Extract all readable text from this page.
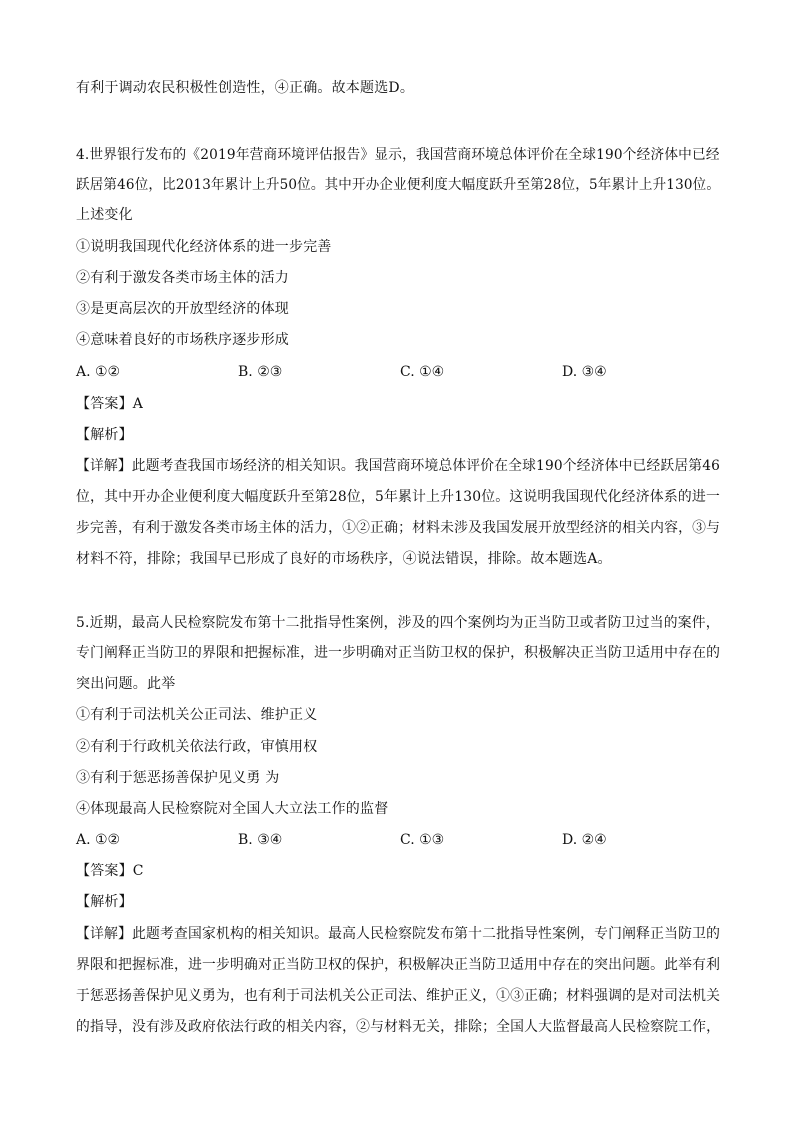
有利于调动农民积极性创造性，④正确。故本题选D。
4.世界银行发布的《2019年营商环境评估报告》显示，我国营商环境总体评价在全球190个经济体中已经
跃居第46位，比2013年累计上升50位。其中开办企业便利度大幅度跃升至第28位，5年累计上升130位。
上述变化
①说明我国现代化经济体系的进一步完善
②有利于激发各类市场主体的活力
③是更高层次的开放型经济的体现
④意味着良好的市场秩序逐步形成
A. ①②	B. ②③	C. ①④	D. ③④
【答案】A
【解析】
【详解】此题考查我国市场经济的相关知识。我国营商环境总体评价在全球190个经济体中已经跃居第46
位，其中开办企业便利度大幅度跃升至第28位，5年累计上升130位。这说明我国现代化经济体系的进一
步完善，有利于激发各类市场主体的活力，①②正确；材料未涉及我国发展开放型经济的相关内容，③与
材料不符，排除；我国早已形成了良好的市场秩序，④说法错误，排除。故本题选A。
5.近期，最高人民检察院发布第十二批指导性案例，涉及的四个案例均为正当防卫或者防卫过当的案件，
专门阐释正当防卫的界限和把握标准，进一步明确对正当防卫权的保护，积极解决正当防卫适用中存在的
突出问题。此举
①有利于司法机关公正司法、维护正义
②有利于行政机关依法行政，审慎用权
③有利于惩恶扬善保护见义勇 为
④体现最高人民检察院对全国人大立法工作的监督
A. ①②	B. ③④	C. ①③	D. ②④
【答案】C
【解析】
【详解】此题考查国家机构的相关知识。最高人民检察院发布第十二批指导性案例，专门阐释正当防卫的
界限和把握标准，进一步明确对正当防卫权的保护，积极解决正当防卫适用中存在的突出问题。此举有利
于惩恶扬善保护见义勇为，也有利于司法机关公正司法、维护正义，①③正确；材料强调的是对司法机关
的指导，没有涉及政府依法行政的相关内容，②与材料无关，排除；全国人大监督最高人民检察院工作，
